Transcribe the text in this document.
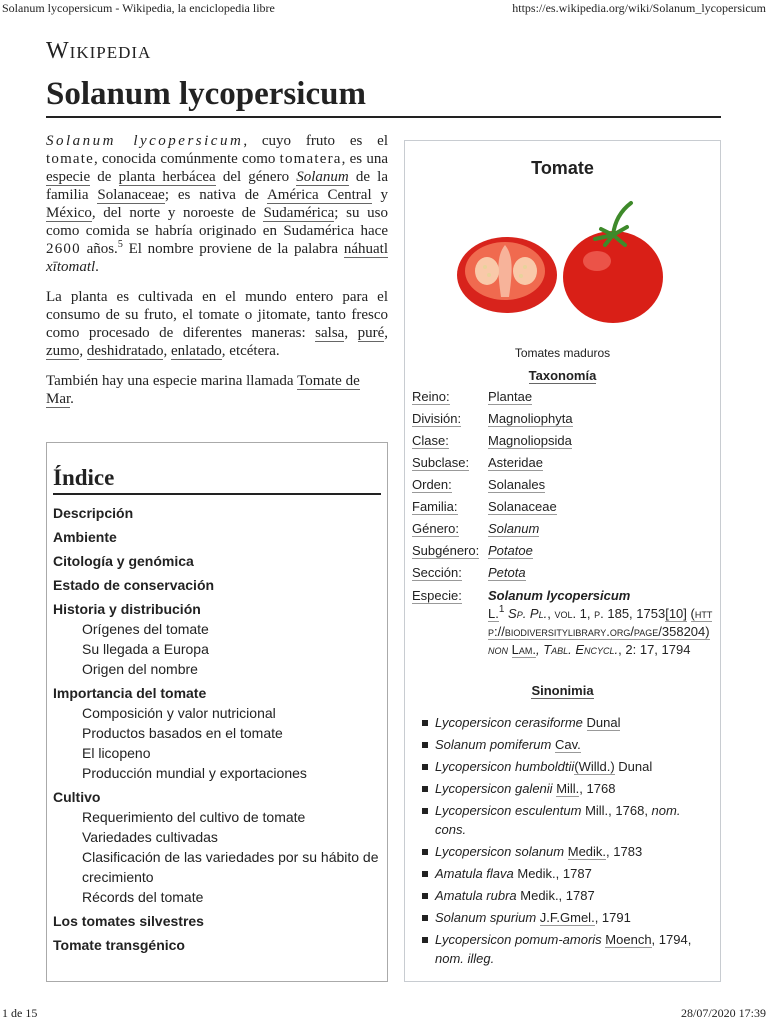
Solanum lycopersicum - Wikipedia, la enciclopedia libre	https://es.wikipedia.org/wiki/Solanum_lycopersicum
Wikipedia
Solanum lycopersicum

Solanum lycopersicum, cuyo fruto es el tomate, conocida comúnmente como tomatera, es una especie de planta herbácea del género Solanum de la familia Solanaceae; es nativa de América Central y México, del norte y noroeste de Sudamérica; su uso como comida se habría originado en Sudamérica hace 2600 años.$^5$ El nombre proviene de la palabra náhuatl xītomatl.

La planta es cultivada en el mundo entero para el consumo de su fruto, el tomate o jitomate, tanto fresco como procesado de diferentes maneras: salsa, puré, zumo, deshidratado, enlatado, etcétera.

También hay una especie marina llamada Tomate de Mar.

Índice
Descripción
Ambiente
Citología y genómica
Estado de conservación
Historia y distribución
Orígenes del tomate
Su llegada a Europa
Origen del nombre
Importancia del tomate
Composición y valor nutricional
Productos basados en el tomate
El licopeno
Producción mundial y exportaciones
Cultivo
Requerimiento del cultivo de tomate
Variedades cultivadas
Clasificación de las variedades por su hábito de crecimiento
Récords del tomate
Los tomates silvestres
Tomate transgénico
Tomate
Tomates maduros
Taxonomía
Reino:	Plantae
División:	Magnoliophyta
Clase:	Magnoliopsida
Subclase:	Asteridae
Orden:	Solanales
Familia:	Solanaceae
Género:	Solanum
Subgénero: Potatoe
Sección:	Petota
Especie:	Solanum lycopersicum
L.$^1$ Sp. Pl., vol. 1, p. 185, 1753[10] (http://biodiversitylibrary.org/page/358204) non Lam., Tabl. Encycl., 2: 17, 1794
Sinonimia
Lycopersicon cerasiforme Dunal
Solanum pomiferum Cav.
Lycopersicon humboldtii(Willd.) Dunal
Lycopersicon galenii Mill., 1768
Lycopersicon esculentum Mill., 1768, nom. cons.
Lycopersicon solanum Medik., 1783
Amatula flava Medik., 1787
Amatula rubra Medik., 1787
Solanum spurium J.F.Gmel., 1791
Lycopersicon pomum-amoris Moench, 1794, nom. illeg.
1 de 15	28/07/2020 17:39
